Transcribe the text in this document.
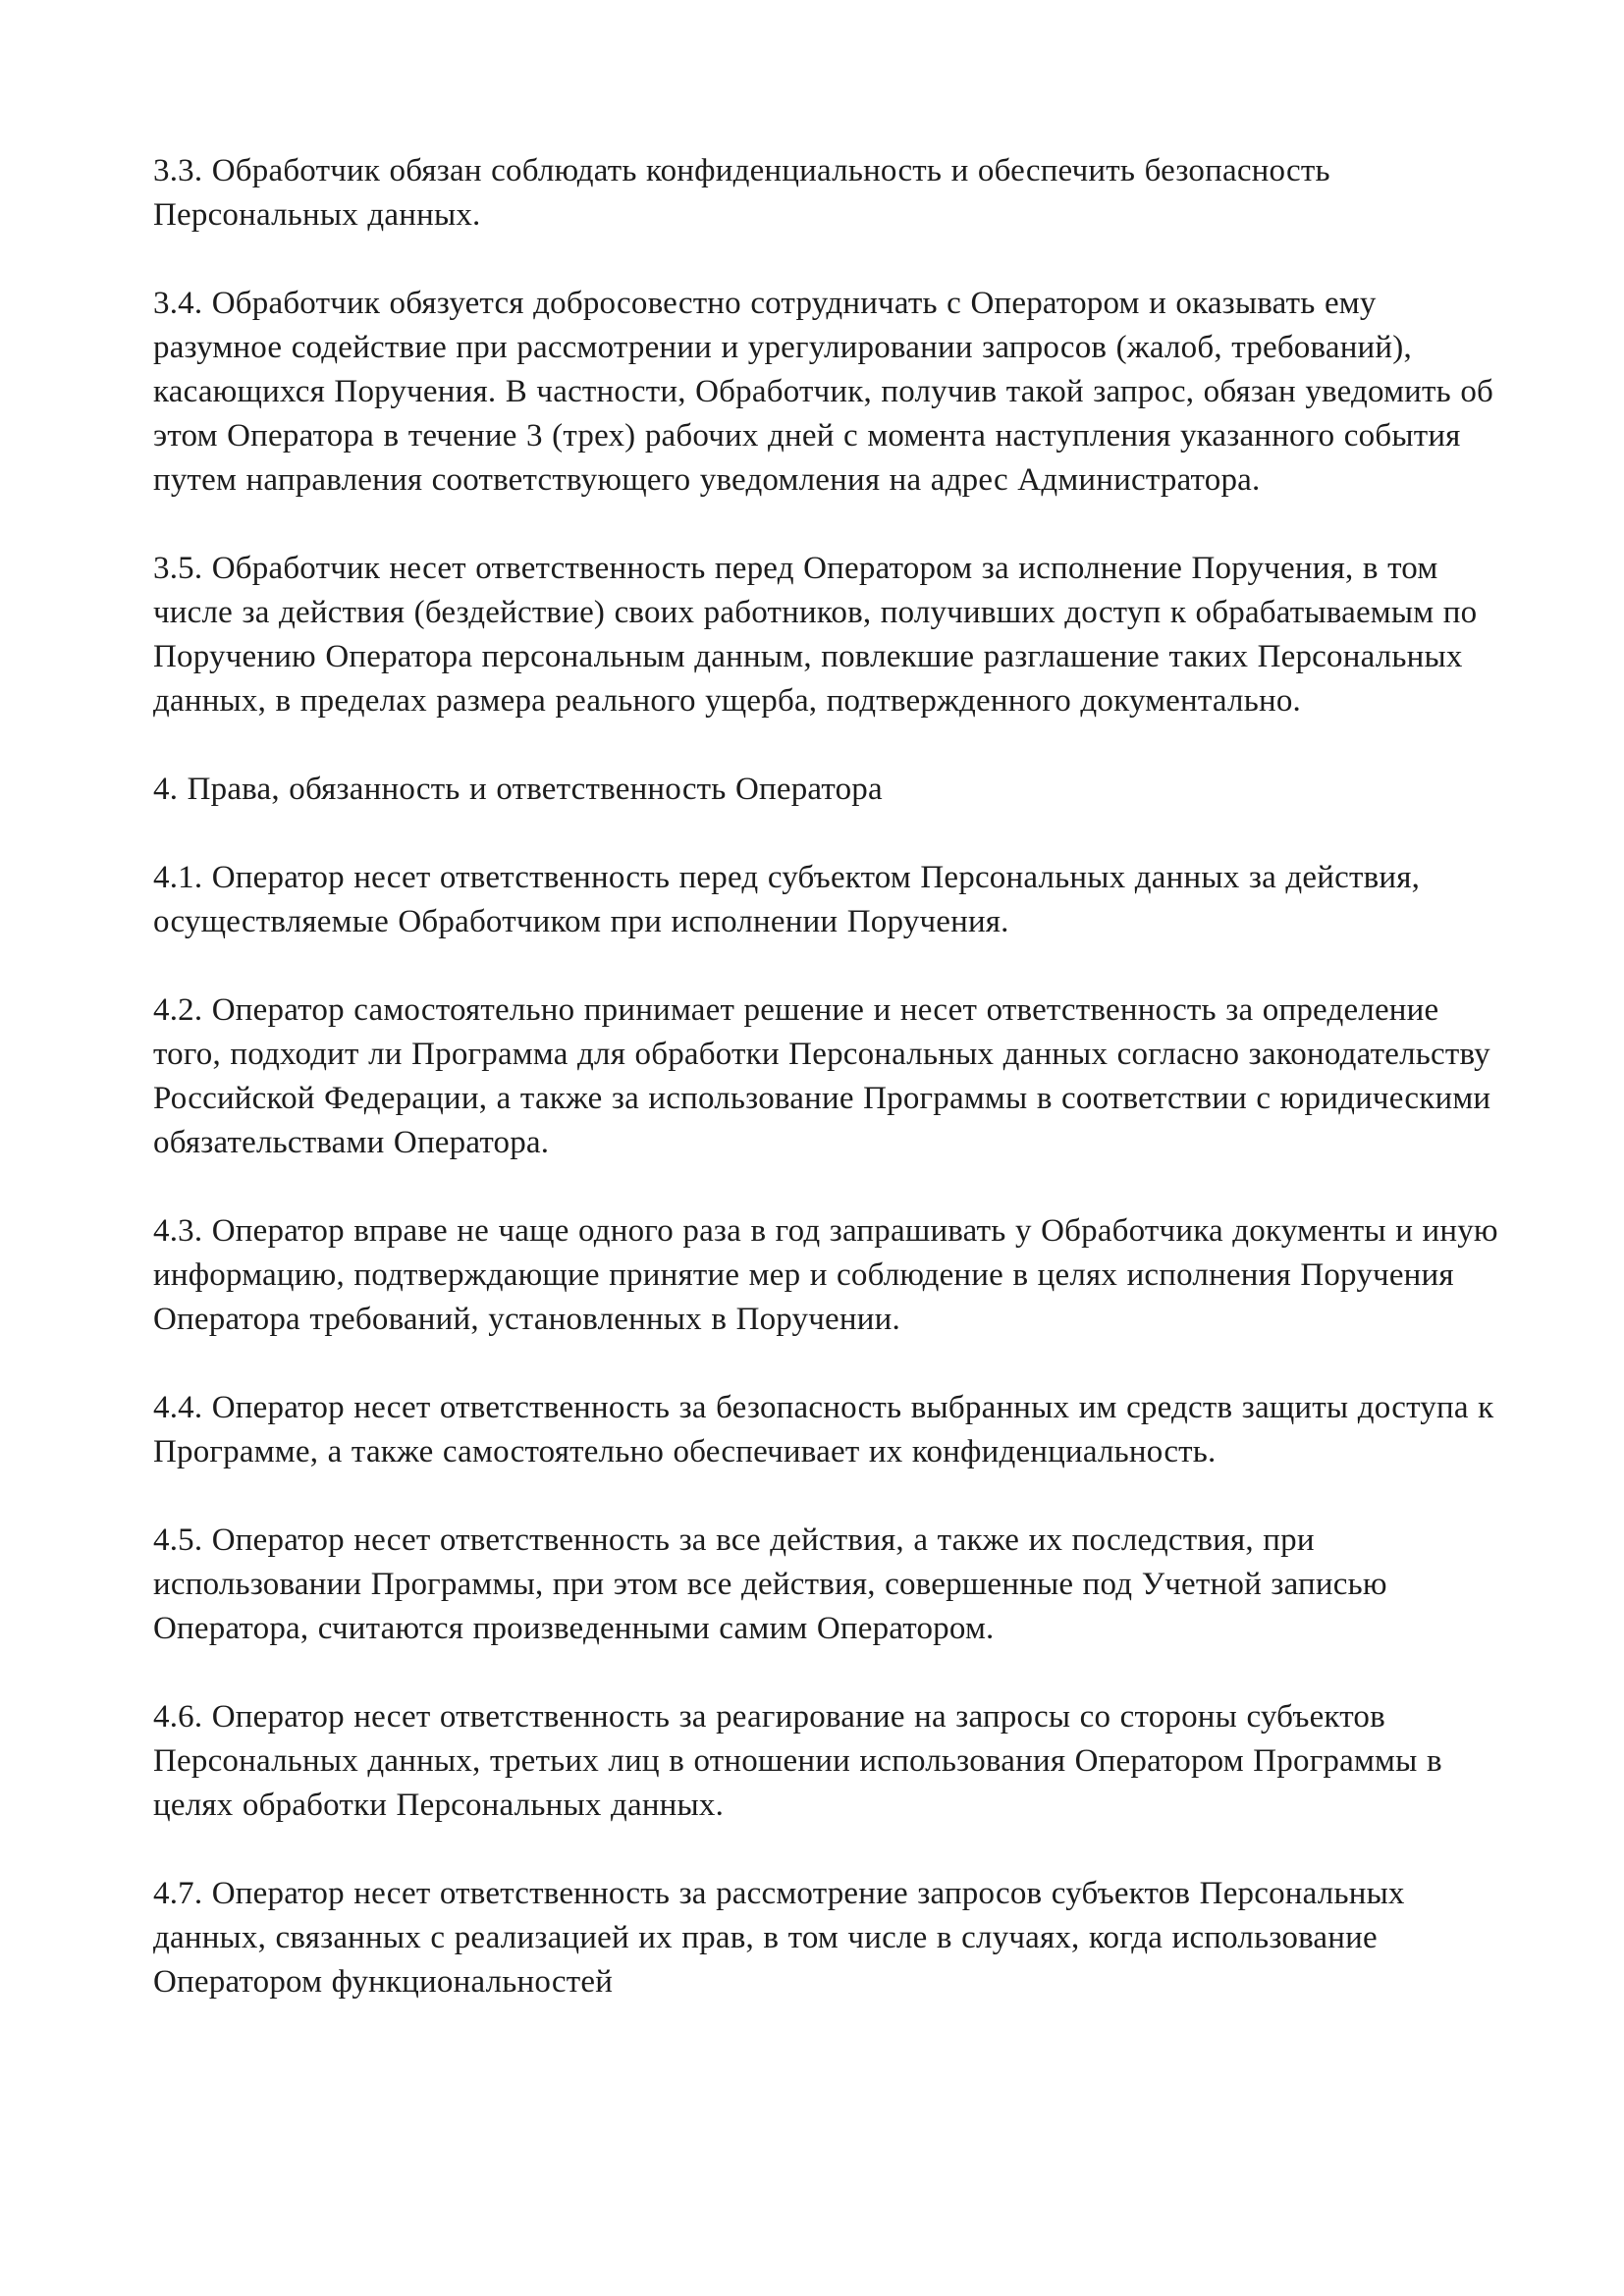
3.3. Обработчик обязан соблюдать конфиденциальность и обеспечить безопасность Персональных данных.

3.4. Обработчик обязуется добросовестно сотрудничать с Оператором и оказывать ему разумное содействие при рассмотрении и урегулировании запросов (жалоб, требований), касающихся Поручения. В частности, Обработчик, получив такой запрос, обязан уведомить об этом Оператора в течение 3 (трех) рабочих дней с момента наступления указанного события путем направления соответствующего уведомления на адрес Администратора.

3.5. Обработчик несет ответственность перед Оператором за исполнение Поручения, в том числе за действия (бездействие) своих работников, получивших доступ к обрабатываемым по Поручению Оператора персональным данным, повлекшие разглашение таких Персональных данных, в пределах размера реального ущерба, подтвержденного документально.

4. Права, обязанность и ответственность Оператора

4.1. Оператор несет ответственность перед субъектом Персональных данных за действия, осуществляемые Обработчиком при исполнении Поручения.

4.2. Оператор самостоятельно принимает решение и несет ответственность за определение того, подходит ли Программа для обработки Персональных данных согласно законодательству Российской Федерации, а также за использование Программы в соответствии с юридическими обязательствами Оператора.

4.3. Оператор вправе не чаще одного раза в год запрашивать у Обработчика документы и иную информацию, подтверждающие принятие мер и соблюдение в целях исполнения Поручения Оператора требований, установленных в Поручении.

4.4. Оператор несет ответственность за безопасность выбранных им средств защиты доступа к Программе, а также самостоятельно обеспечивает их конфиденциальность.

4.5. Оператор несет ответственность за все действия, а также их последствия, при использовании Программы, при этом все действия, совершенные под Учетной записью Оператора, считаются произведенными самим Оператором.

4.6. Оператор несет ответственность за реагирование на запросы со стороны субъектов Персональных данных, третьих лиц в отношении использования Оператором Программы в целях обработки Персональных данных.

4.7. Оператор несет ответственность за рассмотрение запросов субъектов Персональных данных, связанных с реализацией их прав, в том числе в случаях, когда использование Оператором функциональностей
